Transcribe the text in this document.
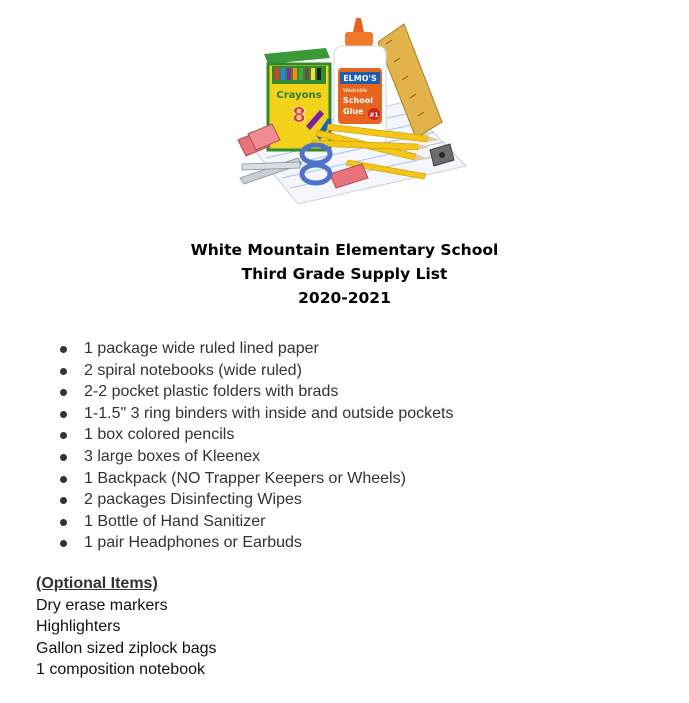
ELMO'S
Washable
School
Glue #1
Crayons
8
White Mountain Elementary School
Third Grade Supply List
2020-2021
1 package wide ruled lined paper
2 spiral notebooks (wide ruled)
2-2 pocket plastic folders with brads
1-1.5" 3 ring binders with inside and outside pockets
1 box colored pencils
3 large boxes of Kleenex
1 Backpack (NO Trapper Keepers or Wheels)
2 packages Disinfecting Wipes
1 Bottle of Hand Sanitizer
1 pair Headphones or Earbuds
(Optional Items)
Dry erase markers
Highlighters
Gallon sized ziplock bags
1 composition notebook
